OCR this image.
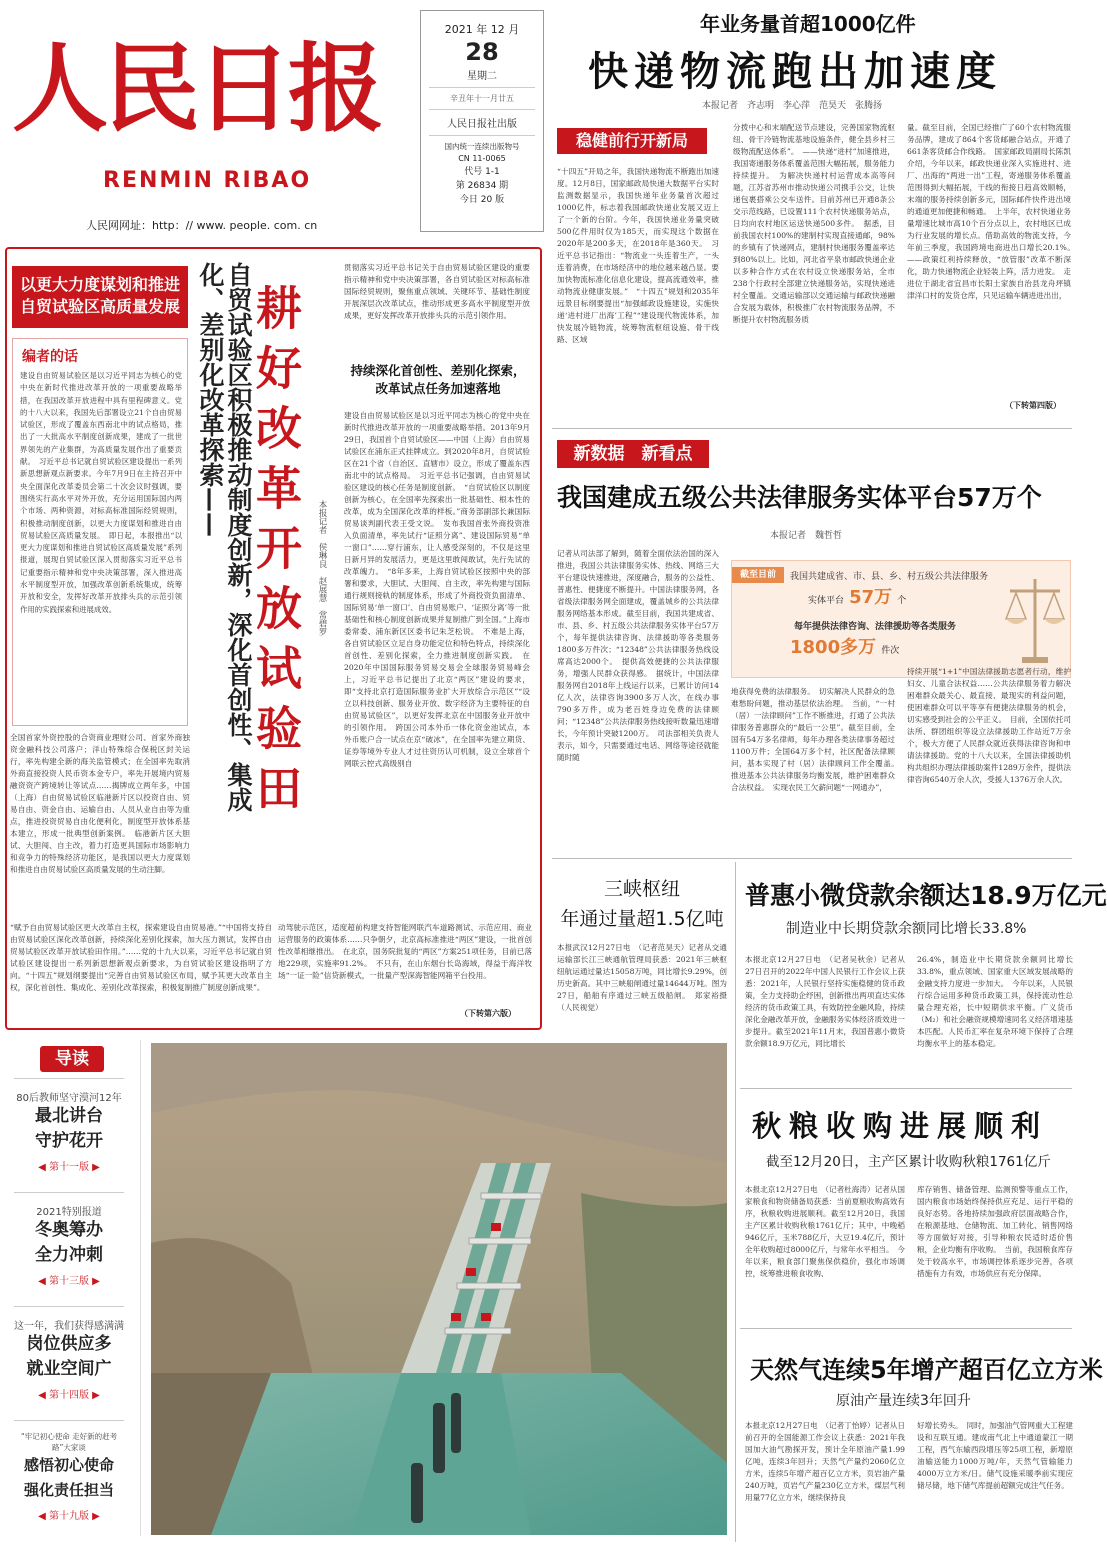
人民日报
RENMIN RIBAO
人民网网址：http：// www. people. com. cn
2021 年 12 月
28
星期二
辛丑年十一月廿五
人民日报社出版
国内统一连续出版物号
CN 11-0065
代号 1-1
第 26834 期
今日 20 版
年业务量首超1000亿件
快递物流跑出加速度
本报记者　齐志明　李心萍　范昊天　张腾扬
稳健前行开新局
“十四五”开局之年，我国快递物流不断跑出加速度。12月8日，国家邮政局快递大数据平台实时监测数据显示，我国快递年业务量首次超过1000亿件，标志着我国邮政快递业发展又迈上了一个新的台阶。今年，我国快递业务量突破500亿件用时仅为185天，而实现这个数据在2020年是200多天，在2018年是360天。　习近平总书记指出：“物流业一头连着生产，一头连着消费，在市场经济中的地位越来越凸显。要加快物流标准化信息化建设，提高流通效率，推动物流业健康发展。”　“十四五”规划和2035年远景目标纲要提出“加强邮政设施建设，实施快递‘进村进厂出海’工程”“建设现代物流体系，加快发展冷链物流，统筹物流枢纽设施、骨干线路、区域
分拨中心和末端配送节点建设，完善国家物流枢纽、骨干冷链物流基地设施条件，健全县乡村三级物流配送体系”。　——快递“进村”加速推进，我国寄递服务体系覆盖范围大幅拓展，服务能力持续提升。　为解决快递村村运营成本高等问题，江苏省苏州市推动快递公司携手公交，让快递包裹搭乘公交车送件。目前苏州已开通8条公交示范线路，已设置111个农村快递服务站点，日均向农村地区运送快递500多件。　据悉，目前我国农村100%的建制村实现直接通邮，98%的乡镇有了快递网点，建制村快递服务覆盖率达到80%以上。比如，河北省平泉市邮政快递企业以多种合作方式在农村设立快递服务站，全市238个行政村全部建立快递服务站，实现快递进村全覆盖。交通运输部以交通运输与邮政快递融合发展为载体，积极推广农村物流服务品牌，不断提升农村物流服务质
量。截至目前，全国已经推广了60个农村物流服务品牌，建成了864个客货邮融合站点，开通了661条客货邮合作线路。　国家邮政局副局长陈凯介绍，今年以来，邮政快递业深入实施进村、进厂、出海的“两进一出”工程，寄递服务体系覆盖范围得到大幅拓展，干线的衔接日趋高效顺畅，末端的服务持续创新多元，国际邮件快件进出境的通道更加便捷和畅通。　上半年，农村快递业务量增速比城市高10个百分点以上，农村地区已成为行业发展的增长点。借助高效的物流支持，今年前三季度，我国跨境电商进出口增长20.1%。　——政策红利持续释放，“放管服”改革不断深化，助力快递物流企业轻装上阵，活力迸发。　走进位于湖北省宜昌市长阳土家族自治县龙舟坪镇津洋口村的发货仓库，只见运输车辆进进出出，
（下转第四版）
以更大力度谋划和推进自贸试验区高质量发展
编者的话
建设自由贸易试验区是以习近平同志为核心的党中央在新时代推进改革开放的一项重要战略举措，在我国改革开放进程中具有里程碑意义。党的十八大以来，我国先后部署设立21个自由贸易试验区，形成了覆盖东西南北中的试点格局，推出了一大批高水平制度创新成果，建成了一批世界领先的产业集群，为高质量发展作出了重要贡献。　习近平总书记就自贸试验区建设提出一系列新思想新观点新要求。今年7月9日在主持召开中央全面深化改革委员会第二十次会议时强调，要围绕实行高水平对外开放，充分运用国际国内两个市场、两种资源，对标高标准国际经贸规则，积极推动制度创新，以更大力度谋划和推进自由贸易试验区高质量发展。　即日起，本报推出“以更大力度谋划和推进自贸试验区高质量发展”系列报道，展现自贸试验区深入贯彻落实习近平总书记重要指示精神和党中央决策部署，深入推进高水平制度型开放，加强改革创新系统集成，统筹开放和安全，发挥好改革开放排头兵的示范引领作用的实践探索和进展成效。
全国首家外资控股的合资商业理财公司、首家外商独资金融科技公司落户；洋山特殊综合保税区封关运行，率先构建全新的海关监管模式；在全国率先取消外商直接投资人民币资本金专户，率先开展境内贸易融资资产跨境转让等试点……揭牌成立两年多，中国（上海）自由贸易试验区临港新片区以投资自由、贸易自由、资金自由、运输自由、人员从业自由等为重点，推进投资贸易自由化便利化，制度型开放体系基本建立，形成一批典型创新案例。　临港新片区大胆试、大胆闯、自主改，着力打造更具国际市场影响力和竞争力的特殊经济功能区，是我国以更大力度谋划和推进自由贸易试验区高质量发展的生动注脚。
自贸试验区积极推动制度创新，深化首创性、集成化、差别化改革探索—— 耕好改革开放试验田	本报记者　侯琳良　赵展慧　常碧罗
贯彻落实习近平总书记关于自由贸易试验区建设的重要指示精神和党中央决策部署，各自贸试验区对标高标准国际经贸规则，聚焦重点领域、关键环节、基础性制度开展深层次改革试点，推动形成更多高水平制度型开放成果，更好发挥改革开放排头兵的示范引领作用。
持续深化首创性、差别化探索，改革试点任务加速落地
建设自由贸易试验区是以习近平同志为核心的党中央在新时代推进改革开放的一项重要战略举措。2013年9月29日，我国首个自贸试验区——中国（上海）自由贸易试验区在浦东正式挂牌成立。到2020年8月，自贸试验区在21个省（自治区、直辖市）设立，形成了覆盖东西南北中的试点格局。　习近平总书记强调，自由贸易试验区建设的核心任务是制度创新。　“自贸试验区以制度创新为核心，在全国率先探索出一批基础性、根本性的改革，成为全国深化改革的样板。”商务部副部长兼国际贸易谈判副代表王受文说。　发布我国首张外商投资准入负面清单，率先试行“证照分离”、建设国际贸易“单一窗口”……穿行浦东，让人感受深刻的，不仅是这里日新月异的发展活力，更是这里敢闯敢试，先行先试的改革魄力。　“8年多来，上海自贸试验区按照中央的部署和要求，大胆试、大胆闯、自主改，率先构建与国际通行规则接轨的制度体系，形成了外商投资负面清单、国际贸易‘单一窗口’、自由贸易账户、‘证照分离’等一批基础性和核心制度创新成果并复制推广到全国。”上海市委常委、浦东新区区委书记朱芝松说。　不难是上海，各自贸试验区立足自身功能定位和特色特点，持续深化首创性、差别化探索，全力推进制度创新实践。　在2020年中国国际服务贸易交易会全球服务贸易峰会上，习近平总书记提出了北京“两区”建设的要求，即“支持北京打造国际服务业扩大开放综合示范区”“设立以科技创新、服务业开放、数字经济为主要特征的自由贸易试验区”，以更好发挥北京在中国服务业开放中的引领作用。　跨国公司本外币一体化资金池试点，本外币账户合一试点在京“破冰”，在全国率先建立期货、证券等境外专业人才过往资历认可机制，设立全球首个网联云控式高级别自
“赋予自由贸易试验区更大改革自主权，探索建设自由贸易港。”“中国将支持自由贸易试验区深化改革创新，持续深化差别化探索，加大压力测试，发挥自由贸易试验区改革开放试验田作用。”……党的十九大以来，习近平总书记就自贸试验区建设提出一系列新思想新观点新要求，为自贸试验区建设指明了方向。“十四五”规划纲要提出“完善自由贸易试验区布局，赋予其更大改革自主权，深化首创性、集成化、差别化改革探索，积极复制推广制度创新成果”。
动驾驶示范区，适度超前构建支持智能网联汽车道路测试、示范应用、商业运营服务的政策体系……只争朝夕，北京高标准推进“两区”建设，一批首创性改革相继推出。　在北京，国务院批复的“两区”方案251项任务，目前已落地229项，实施率91.2%。　不只有，在山东烟台长岛海域，得益于海洋牧场“一证一险”信贷新模式，一批量产型深海智能网箱平台投用。
（下转第六版）
新数据　新看点
我国建成五级公共法律服务实体平台57万个
本报记者　魏哲哲
记者从司法部了解到，随着全面依法治国的深入推进，我国公共法律服务实体、热线、网络三大平台建设快速推进，深度融合，服务的公益性、普惠性、便捷度不断提升。中国法律服务网，各省级法律服务网全面建成，覆盖城乡的公共法律服务网络基本形成。截至目前，我国共建成省、市、县、乡、村五级公共法律服务实体平台57万个，每年提供法律咨询、法律援助等各类服务1800多万件次；“12348”公共法律服务热线设席高达2000个。　提供高效便捷的公共法律服务，增强人民群众获得感。　据统计，中国法律服务网自2018年上线运行以来，已累计访问14亿人次，法律咨询3900多万人次，在线办事790多万件，成为老百姓身边免费的法律顾问；“12348”公共法律服务热线接听数量迅速增长，今年预计突破1200万。　司法部相关负责人表示，如今，只需要通过电话、网络等途径就能随时随
截至目前	我国共建成省、市、县、乡、村五级公共法律服务
实体平台 57万 个
每年提供法律咨询、法律援助等各类服务
1800多万 件次
地获得免费的法律服务。　切实解决人民群众的急难愁盼问题，推动基层依法治理。　当前，“一村（居）一法律顾问”工作不断推进，打通了公共法律服务普惠群众的“最后一公里”。截至目前，全国有54万多名律师，每年办理各类法律事务超过1100万件；全国64万多个村，社区配备法律顾问，基本实现了村（居）法律顾问工作全覆盖。　推进基本公共法律服务均衡发展，维护困难群众合法权益。　实现农民工欠薪问题“一网通办”，
持续开展“1+1”中国法律援助志愿者行动，维护妇女、儿童合法权益……公共法律服务着力解决困难群众最关心、最直接、最现实的利益问题，使困难群众可以平等享有便捷法律服务的机会，切实感受到社会的公平正义。　目前，全国依托司法所、群团组织等设立法律援助工作站近7万余个，极大方便了人民群众就近获得法律咨询和申请法律援助。党的十八大以来，全国法律援助机构共组织办理法律援助案件1289万余件，提供法律咨询6540万余人次，受援人1376万余人次。
三峡枢纽
年通过量超1.5亿吨
本报武汉12月27日电　（记者范昊天）记者从交通运输部长江三峡通航管理局获悉：2021年三峡枢纽航运通过量达15058万吨，同比增长9.29%，创历史新高。其中三峡船闸通过量14644万吨。图为27日，船舶有序通过三峡五级船闸。　郑家裕摄（人民视觉）
普惠小微贷款余额达18.9万亿元
制造业中长期贷款余额同比增长33.8%
本报北京12月27日电　（记者吴秋余）记者从27日召开的2022年中国人民银行工作会议上获悉：2021年，人民银行坚持实施稳健的货币政策，全力支持助企纾困，创新推出两项直达实体经济的货币政策工具，有效防控金融风险，持续深化金融改革开放，金融服务实体经济质效进一步提升。截至2021年11月末，我国普惠小微贷款余额18.9万亿元，同比增长
26.4%，制造业中长期贷款余额同比增长33.8%，重点领域、国家重大区域发展战略的金融支持力度进一步加大。　今年以来，人民银行综合运用多种货币政策工具，保持流动性总量合理充裕，长中短期供求平衡。广义货币（M₂）和社会融资规模增速同名义经济增速基本匹配。人民币汇率在复杂环境下保持了合理均衡水平上的基本稳定。
秋粮收购进展顺利
截至12月20日，主产区累计收购秋粮1761亿斤
本报北京12月27日电　（记者杜海涛）记者从国家粮食和物资储备局获悉：当前夏粮收购高效有序，秋粮收购进展顺利。截至12月20日，我国主产区累计收购秋粮1761亿斤；其中，中晚稻946亿斤，玉米788亿斤，大豆19.4亿斤，预计全年收购超过8000亿斤，与常年水平相当。　今年以来，粮食部门聚焦保供稳价，强化市场调控，统筹推进粮食收购、
库存销售、储备管理、监测预警等重点工作，国内粮食市场始终保持供应充足、运行平稳的良好态势。各地持续加强政府层面战略合作，在粮源基地、仓储物流、加工转化、销售网络等方面做好对接，引导种粮农民适时适价售粮，企业均衡有序收购。　当前，我国粮食库存处于较高水平，市场调控体系逐步完善，各项措施有力有效，市场供应有充分保障。
天然气连续5年增产超百亿立方米
原油产量连续3年回升
本报北京12月27日电　（记者丁怡婷）记者从日前召开的全国能源工作会议上获悉：2021年我国加大油气勘探开发，预计全年原油产量1.99亿吨，连续3年回升；天然气产量约2060亿立方米，连续5年增产超百亿立方米，页岩油产量240万吨，页岩气产量230亿立方米，煤层气利用量77亿立方米，继续保持良
好增长势头。　同时，加强油气管网重大工程建设和互联互通。建成南气北上中通道蒙江一期工程，西气东输西段增压等25项工程，新增原油输送能力1000万吨/年，天然气管输能力4000万立方米/日。储气设施采暖季前实现应储尽储，地下储气库提前超额完成注气任务。
导读
80后教师坚守漠河12年
最北讲台
守护花开
◀ 第十一版 ▶
2021特别报道
冬奥筹办
全力冲刺
◀ 第十三版 ▶
这一年，我们获得感满满
岗位供应多
就业空间广
◀ 第十四版 ▶
“牢记初心使命 走好新的赶考路”大家谈
感悟初心使命
强化责任担当
◀ 第十九版 ▶
